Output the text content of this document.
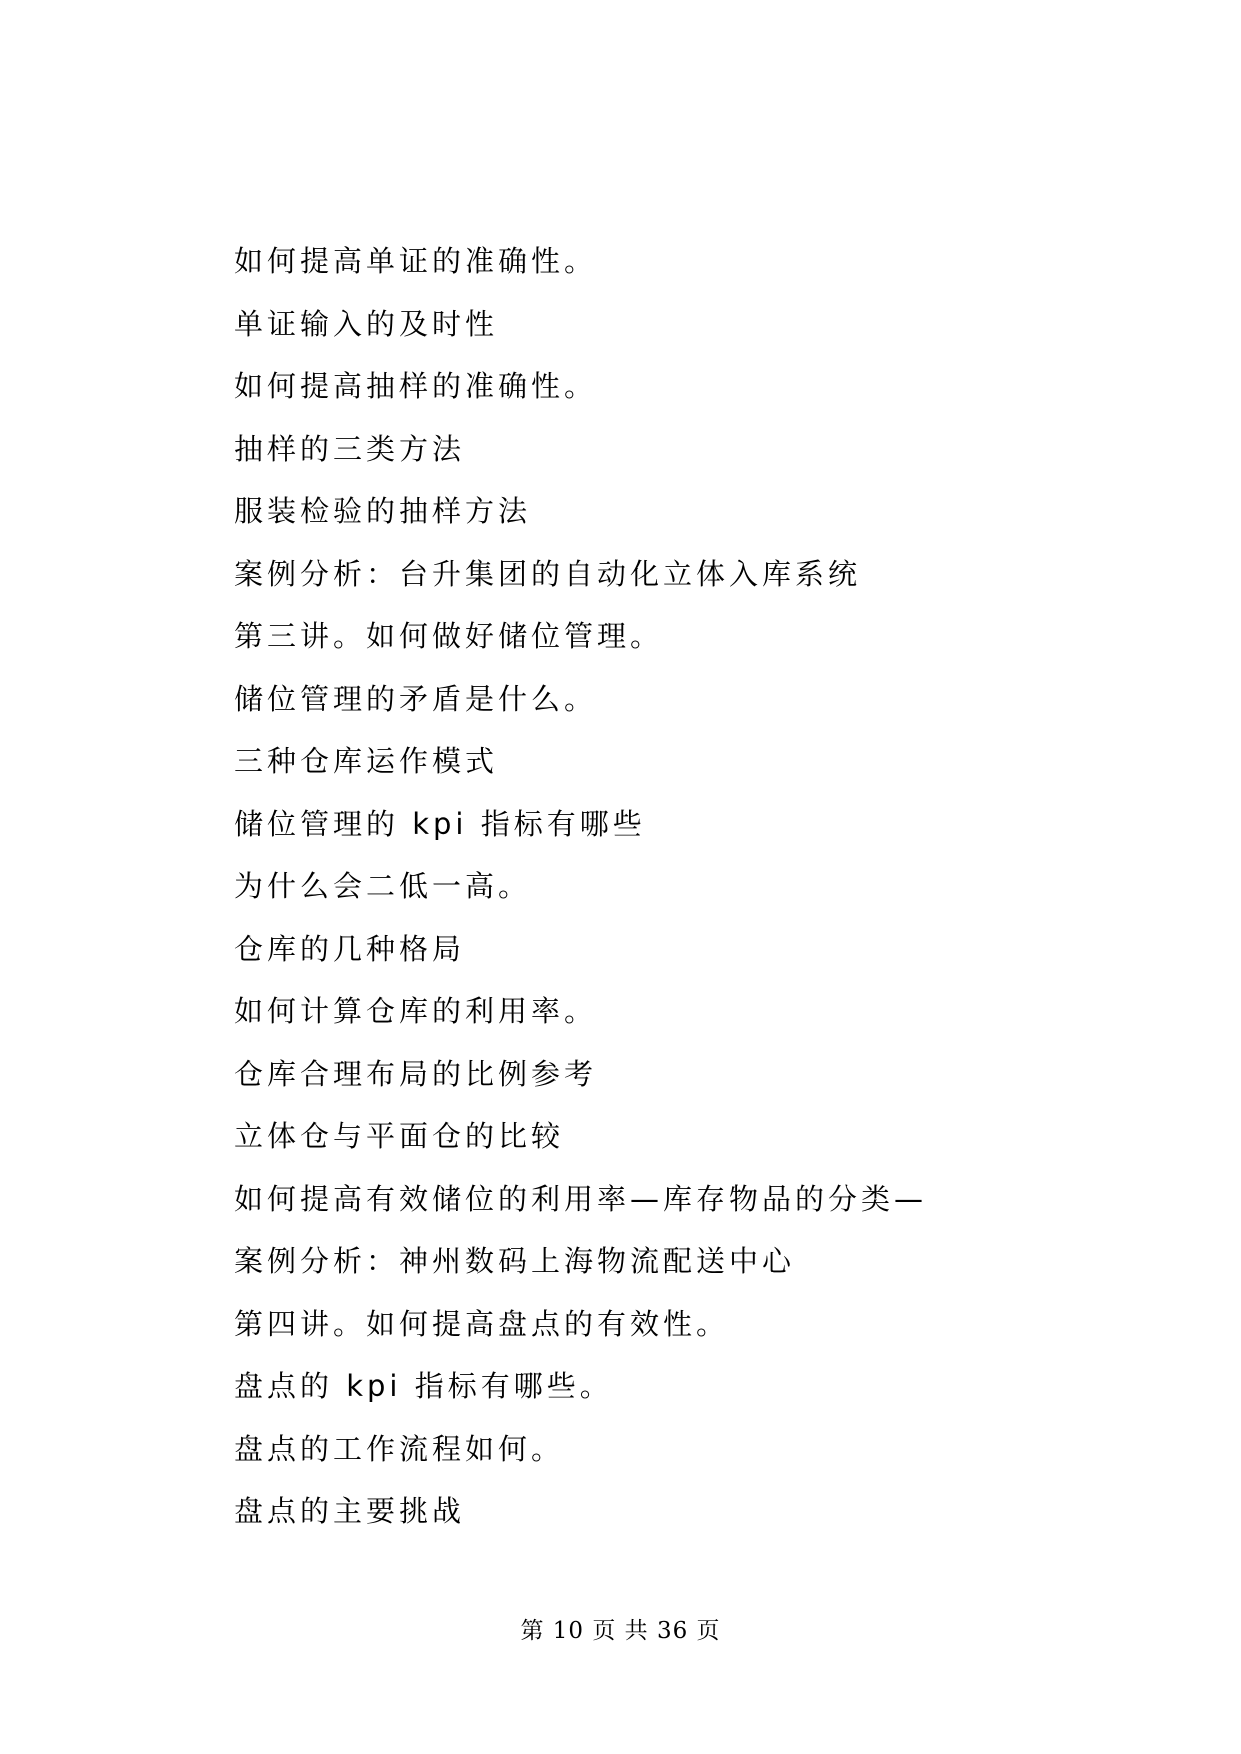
如何提高单证的准确性。
单证输入的及时性
如何提高抽样的准确性。
抽样的三类方法
服装检验的抽样方法
案例分析：台升集团的自动化立体入库系统
第三讲。如何做好储位管理。
储位管理的矛盾是什么。
三种仓库运作模式
储位管理的 kpi 指标有哪些
为什么会二低一高。
仓库的几种格局
如何计算仓库的利用率。
仓库合理布局的比例参考
立体仓与平面仓的比较
如何提高有效储位的利用率—库存物品的分类—
案例分析：神州数码上海物流配送中心
第四讲。如何提高盘点的有效性。
盘点的 kpi 指标有哪些。
盘点的工作流程如何。
盘点的主要挑战
第 10 页 共 36 页
